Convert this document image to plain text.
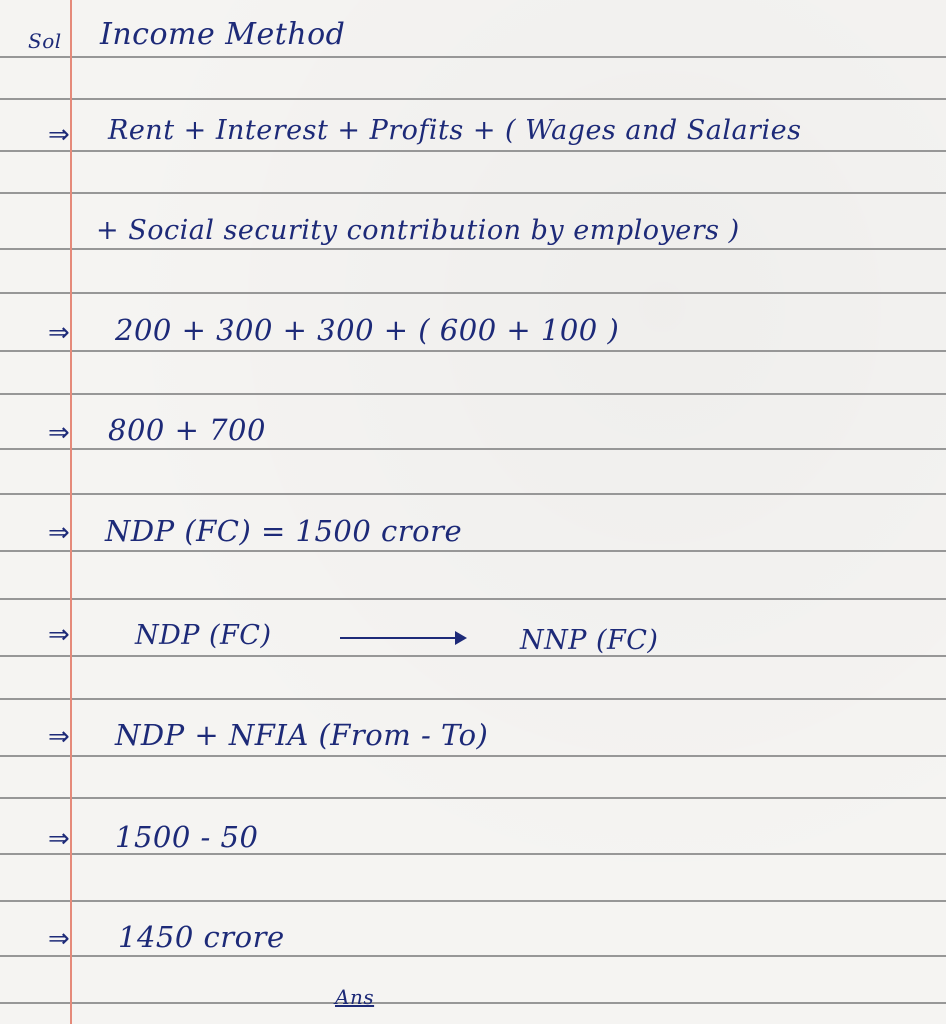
Sol Income Method
⇒ Rent + Interest + Profits + ( Wages and Salaries
+ Social security contribution by employers )
⇒ 200 + 300 + 300 + ( 600 + 100 )
⇒ 800 + 700
⇒ NDP (FC) = 1500 crore
⇒ NDP (FC)	NNP (FC)
⇒ NDP + NFIA (From - To)
⇒ 1500 - 50
⇒ 1450 crore
Ans
